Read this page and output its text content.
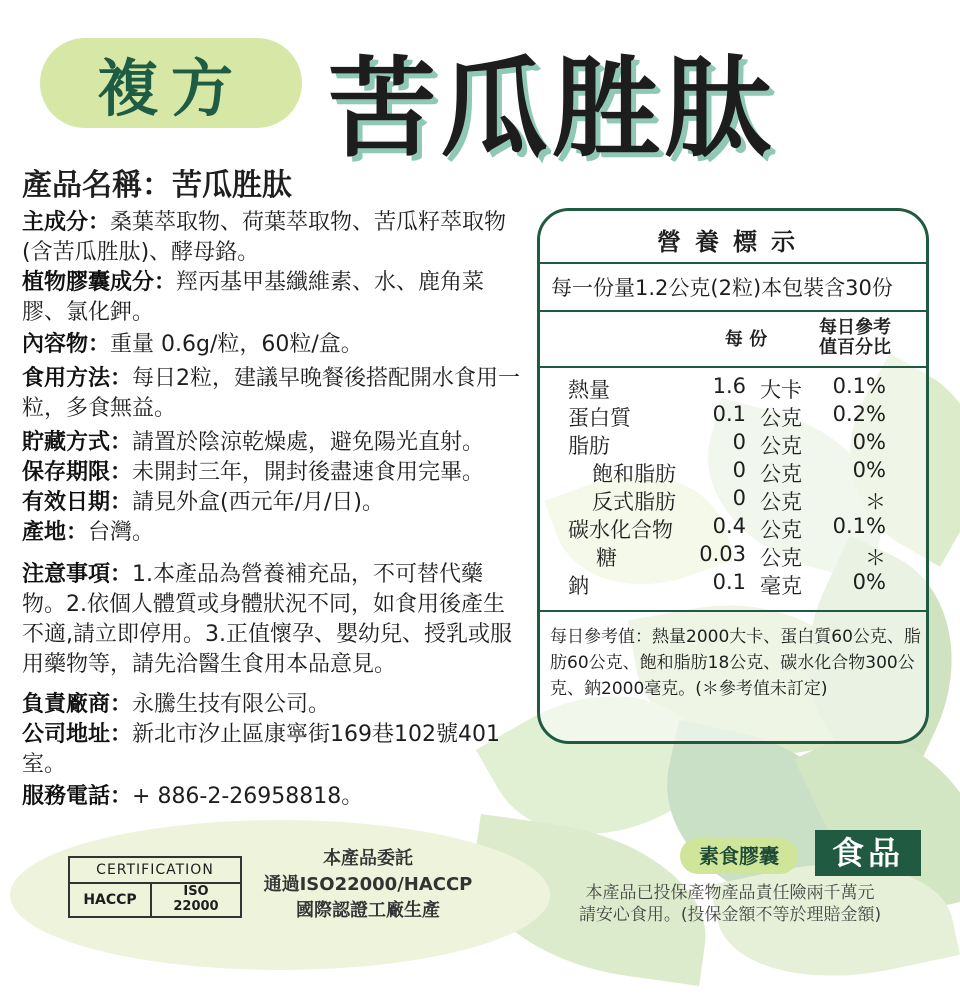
複方 苦瓜胜肽
產品名稱：苦瓜胜肽
主成分：桑葉萃取物、荷葉萃取物、苦瓜籽萃取物(含苦瓜胜肽)、酵母鉻。
植物膠囊成分：羥丙基甲基纖維素、水、鹿角菜膠、氯化鉀。
內容物：重量 0.6g/粒，60粒/盒。
食用方法：每日2粒，建議早晚餐後搭配開水食用一粒，多食無益。
貯藏方式：請置於陰涼乾燥處，避免陽光直射。
保存期限：未開封三年，開封後盡速食用完畢。
有效日期：請見外盒(西元年/月/日)。
產地：台灣。
注意事項：1.本產品為營養補充品，不可替代藥物。2.依個人體質或身體狀況不同，如食用後產生不適,請立即停用。3.正值懷孕、嬰幼兒、授乳或服用藥物等，請先洽醫生食用本品意見。
負責廠商：永騰生技有限公司。
公司地址：新北市汐止區康寧街169巷102號401室。
服務電話：+ 886-2-26958818。
營養標示
每一份量1.2公克(2粒)本包裝含30份
每 份
每日參考值百分比
熱量	1.6 大卡 0.1%
蛋白質	0.1 公克 0.2%
脂肪	0 公克 0%
飽和脂肪	0 公克 0%
反式脂肪	0 公克	＊
碳水化合物 0.4 公克 0.1%
糖	0.03 公克	＊
鈉	0.1 毫克 0%
每日參考值：熱量2000大卡、蛋白質60公克、脂肪60公克、飽和脂肪18公克、碳水化合物300公克、鈉2000毫克。(＊參考值未訂定)
CERTIFICATION
HACCP
ISO
22000
本產品委託
通過ISO22000/HACCP
國際認證工廠生產
素食膠囊	食品
本產品已投保產物產品責任險兩千萬元
請安心食用。(投保金額不等於理賠金額)
